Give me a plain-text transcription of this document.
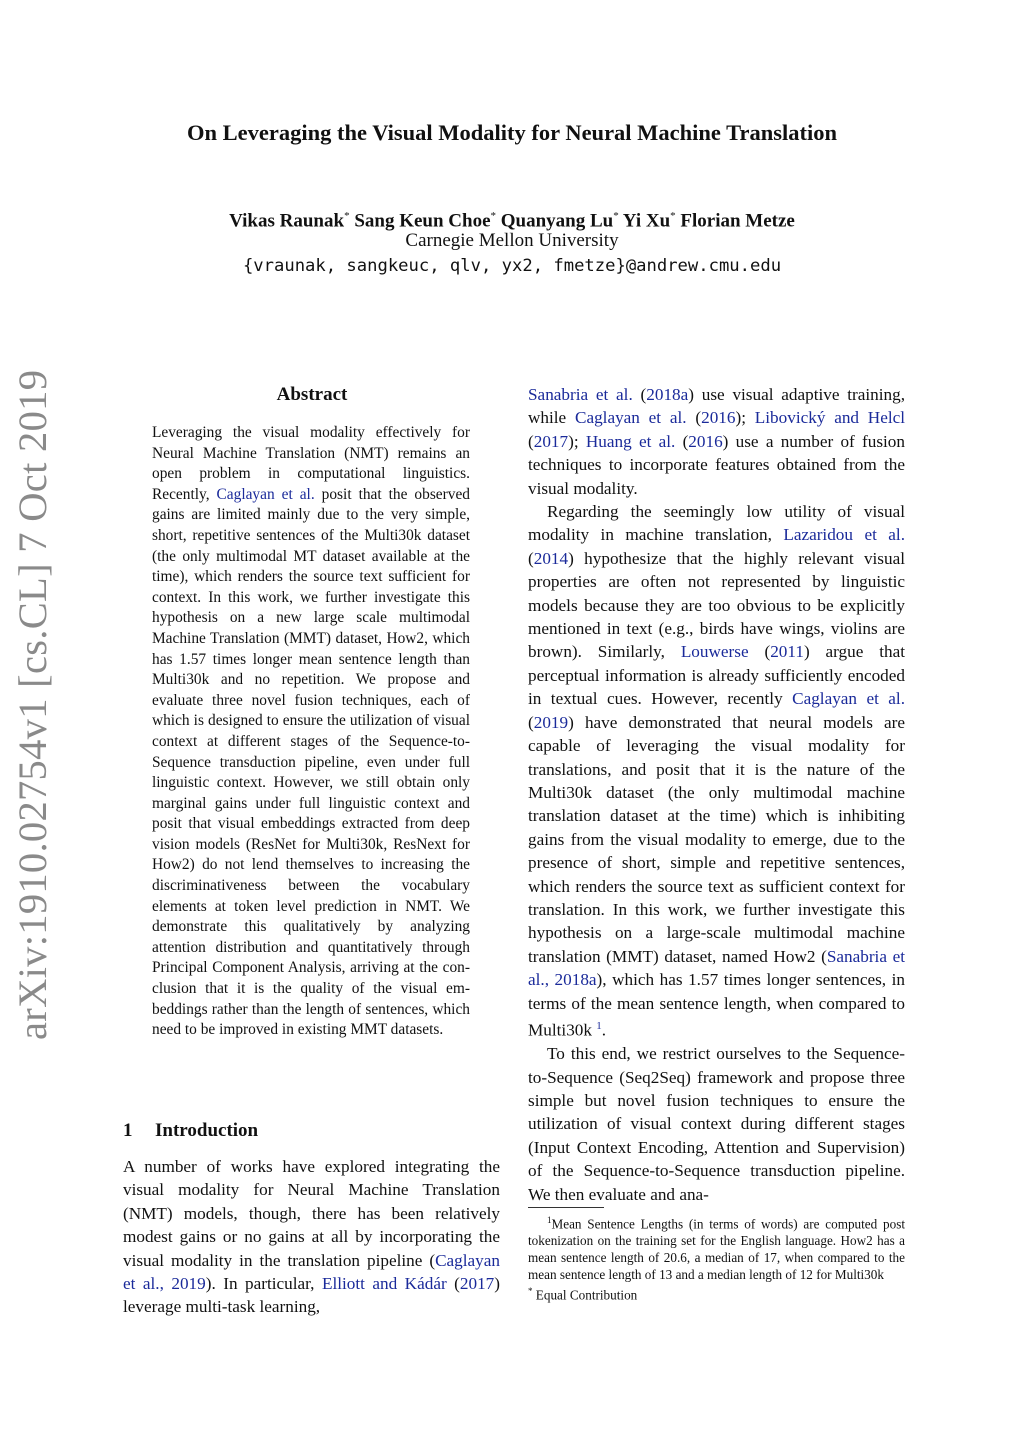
arXiv:1910.02754v1 [cs.CL] 7 Oct 2019
On Leveraging the Visual Modality for Neural Machine Translation
Vikas Raunak* Sang Keun Choe* Quanyang Lu* Yi Xu* Florian Metze
Carnegie Mellon University
{vraunak, sangkeuc, qlv, yx2, fmetze}@andrew.cmu.edu
Abstract
Leveraging the visual modality effectively for Neural Machine Translation (NMT) remains an open problem in computational linguistics. Recently, Caglayan et al. posit that the observed gains are limited mainly due to the very simple, short, repetitive sentences of the Multi30k dataset (the only multimodal MT dataset available at the time), which renders the source text sufficient for context. In this work, we further investigate this hypothesis on a new large scale multimodal Machine Translation (MMT) dataset, How2, which has 1.57 times longer mean sentence length than Multi30k and no repetition. We propose and evaluate three novel fusion techniques, each of which is designed to ensure the utilization of visual context at different stages of the Sequence-to-Sequence transduction pipeline, even under full linguistic context. However, we still obtain only marginal gains under full linguistic context and posit that visual embeddings extracted from deep vision models (ResNet for Multi30k, ResNext for How2) do not lend themselves to increasing the discriminativeness between the vocabulary elements at token level prediction in NMT. We demonstrate this qualitatively by analyzing attention distribution and quantitatively through Principal Component Analysis, arriving at the conclusion that it is the quality of the visual embeddings rather than the length of sentences, which need to be improved in existing MMT datasets.
1 Introduction
A number of works have explored integrating the visual modality for Neural Machine Translation (NMT) models, though, there has been relatively modest gains or no gains at all by incorporating the visual modality in the translation pipeline (Caglayan et al., 2019). In particular, Elliott and Kádár (2017) leverage multi-task learning,

Sanabria et al. (2018a) use visual adaptive training, while Caglayan et al. (2016); Libovický and Helcl (2017); Huang et al. (2016) use a number of fusion techniques to incorporate features obtained from the visual modality.

Regarding the seemingly low utility of visual modality in machine translation, Lazaridou et al. (2014) hypothesize that the highly relevant visual properties are often not represented by linguistic models because they are too obvious to be explicitly mentioned in text (e.g., birds have wings, violins are brown). Similarly, Louwerse (2011) argue that perceptual information is already sufficiently encoded in textual cues. However, recently Caglayan et al. (2019) have demonstrated that neural models are capable of leveraging the visual modality for translations, and posit that it is the nature of the Multi30k dataset (the only multimodal machine translation dataset at the time) which is inhibiting gains from the visual modality to emerge, due to the presence of short, simple and repetitive sentences, which renders the source text as sufficient context for translation. In this work, we further investigate this hypothesis on a large-scale multimodal machine translation (MMT) dataset, named How2 (Sanabria et al., 2018a), which has 1.57 times longer sentences, in terms of the mean sentence length, when compared to Multi30k $^1$.

To this end, we restrict ourselves to the Sequence-to-Sequence (Seq2Seq) framework and propose three simple but novel fusion techniques to ensure the utilization of visual context during different stages (Input Context Encoding, Attention and Supervision) of the Sequence-to-Sequence transduction pipeline. We then evaluate and ana-

$^1$Mean Sentence Lengths (in terms of words) are computed post tokenization on the training set for the English language. How2 has a mean sentence length of 20.6, a median of 17, when compared to the mean sentence length of 13 and a median length of 12 for Multi30k

* Equal Contribution
